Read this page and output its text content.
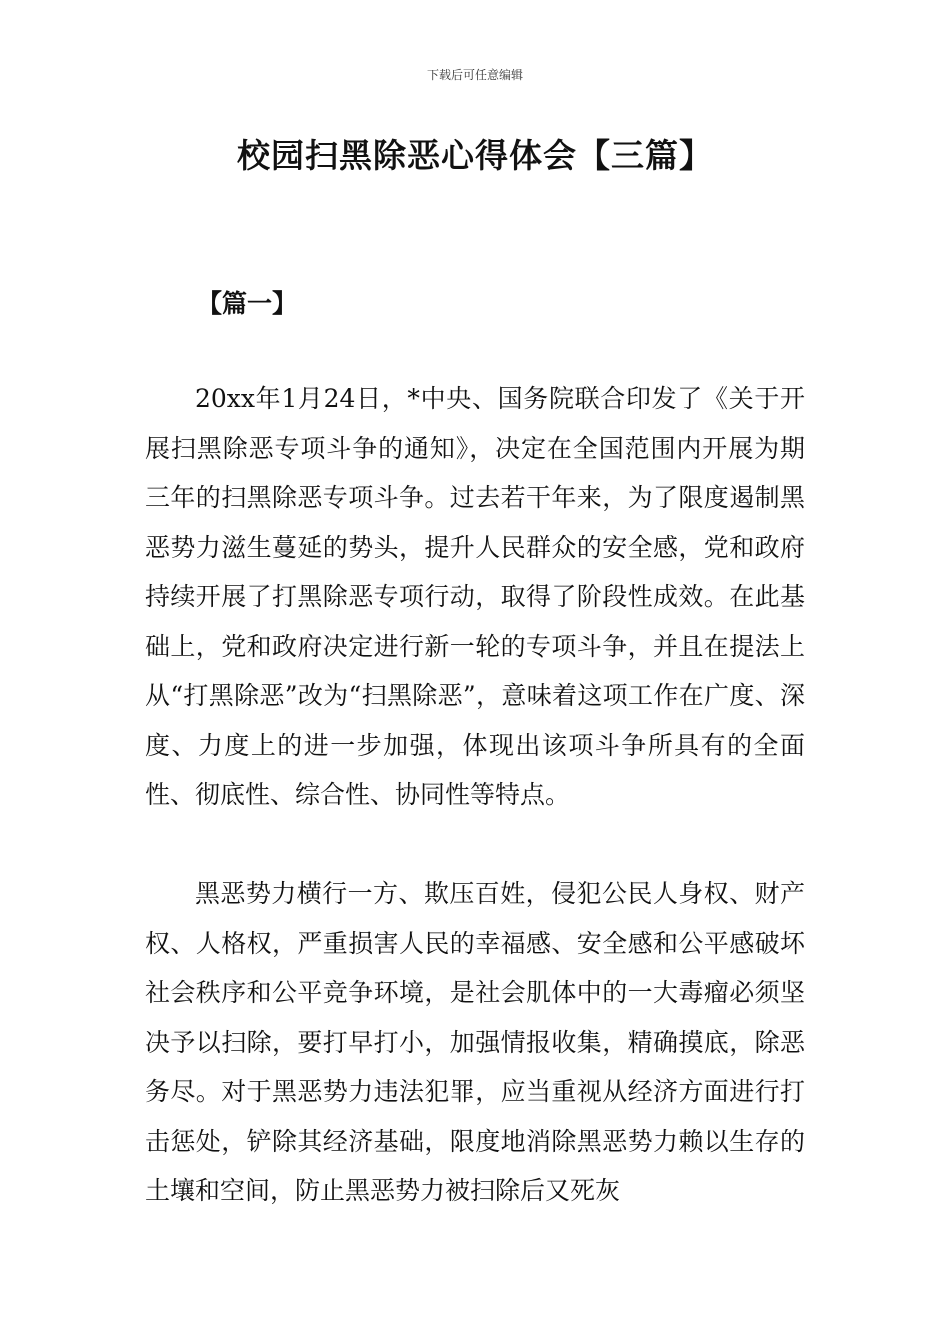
下载后可任意编辑
校园扫黑除恶心得体会【三篇】
【篇一】

20xx年1月24日，*中央、国务院联合印发了《关于开展扫黑除恶专项斗争的通知》，决定在全国范围内开展为期三年的扫黑除恶专项斗争。过去若干年来，为了限度遏制黑恶势力滋生蔓延的势头，提升人民群众的安全感，党和政府持续开展了打黑除恶专项行动，取得了阶段性成效。在此基础上，党和政府决定进行新一轮的专项斗争，并且在提法上从“打黑除恶”改为“扫黑除恶”，意味着这项工作在广度、深度、力度上的进一步加强，体现出该项斗争所具有的全面性、彻底性、综合性、协同性等特点。

黑恶势力横行一方、欺压百姓，侵犯公民人身权、财产权、人格权，严重损害人民的幸福感、安全感和公平感破坏社会秩序和公平竞争环境，是社会肌体中的一大毒瘤必须坚决予以扫除，要打早打小，加强情报收集，精确摸底，除恶务尽。对于黑恶势力违法犯罪，应当重视从经济方面进行打击惩处，铲除其经济基础，限度地消除黑恶势力赖以生存的土壤和空间，防止黑恶势力被扫除后又死灰
